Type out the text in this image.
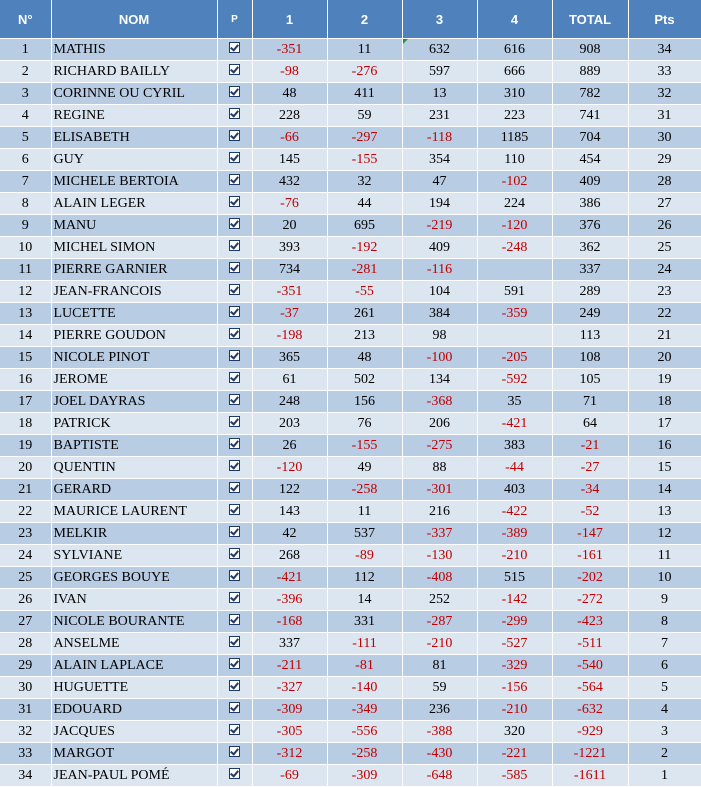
N°	NOM	P	1	2	3	4	TOTAL	Pts
1	MATHIS		-351	11	632	616	908	34
2	RICHARD BAILLY		-98	-276	597	666	889	33
3	CORINNE OU CYRIL		48	411	13	310	782	32
4	REGINE		228	59	231	223	741	31
5	ELISABETH		-66	-297	-118	1185	704	30
6	GUY		145	-155	354	110	454	29
7	MICHELE BERTOIA		432	32	47	-102	409	28
8	ALAIN LEGER		-76	44	194	224	386	27
9	MANU		20	695	-219	-120	376	26
10	MICHEL SIMON		393	-192	409	-248	362	25
11	PIERRE GARNIER		734	-281	-116		337	24
12	JEAN-FRANCOIS		-351	-55	104	591	289	23
13	LUCETTE		-37	261	384	-359	249	22
14	PIERRE GOUDON		-198	213	98		113	21
15	NICOLE PINOT		365	48	-100	-205	108	20
16	JEROME		61	502	134	-592	105	19
17	JOEL DAYRAS		248	156	-368	35	71	18
18	PATRICK		203	76	206	-421	64	17
19	BAPTISTE		26	-155	-275	383	-21	16
20	QUENTIN		-120	49	88	-44	-27	15
21	GERARD		122	-258	-301	403	-34	14
22	MAURICE LAURENT		143	11	216	-422	-52	13
23	MELKIR		42	537	-337	-389	-147	12
24	SYLVIANE		268	-89	-130	-210	-161	11
25	GEORGES BOUYE		-421	112	-408	515	-202	10
26	IVAN		-396	14	252	-142	-272	9
27	NICOLE BOURANTE		-168	331	-287	-299	-423	8
28	ANSELME		337	-111	-210	-527	-511	7
29	ALAIN LAPLACE		-211	-81	81	-329	-540	6
30	HUGUETTE		-327	-140	59	-156	-564	5
31	EDOUARD		-309	-349	236	-210	-632	4
32	JACQUES		-305	-556	-388	320	-929	3
33	MARGOT		-312	-258	-430	-221	-1221	2
34	JEAN-PAUL POMÉ		-69	-309	-648	-585	-1611	1
